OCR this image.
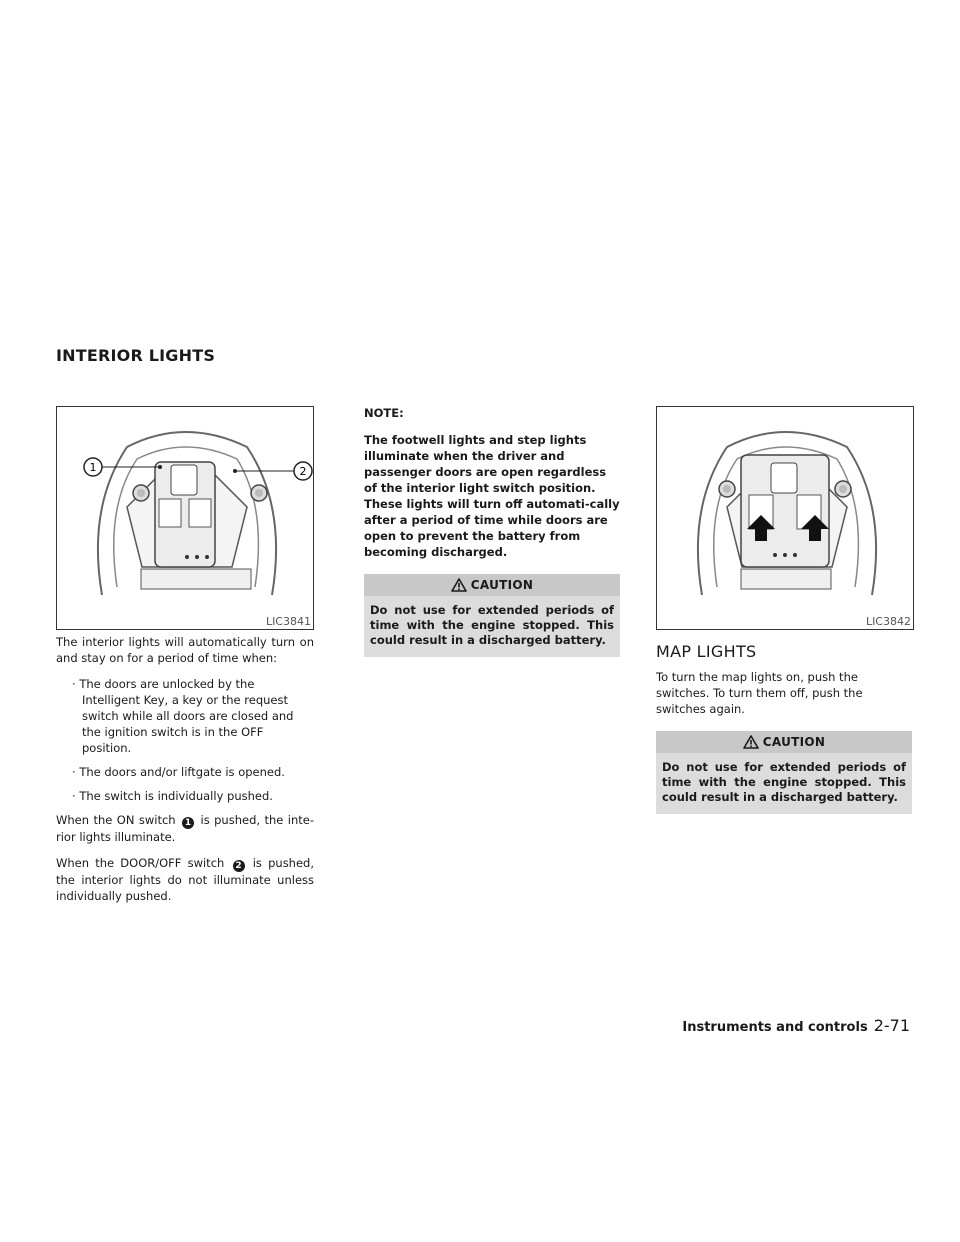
INTERIOR LIGHTS
1	2
LIC3841

The interior lights will automatically turn on and stay on for a period of time when:

· The doors are unlocked by the Intelligent Key, a key or the request switch while all doors are closed and the ignition switch is in the OFF position.
· The doors and/or liftgate is opened.
· The switch is individually pushed.

When the ON switch 1 is pushed, the inte-rior lights illuminate.

When the DOOR/OFF switch 2 is pushed, the interior lights do not illuminate unless individually pushed.

NOTE:

The footwell lights and step lights illuminate when the driver and passenger doors are open regardless of the interior light switch position. These lights will turn off automati-cally after a period of time while doors are open to prevent the battery from becoming discharged.

CAUTION
Do not use for extended periods of time with the engine stopped. This could result in a discharged battery.
LIC3842
MAP LIGHTS

To turn the map lights on, push the switches. To turn them off, push the switches again.

CAUTION
Do not use for extended periods of time with the engine stopped. This could result in a discharged battery.
Instruments and controls 2-71
